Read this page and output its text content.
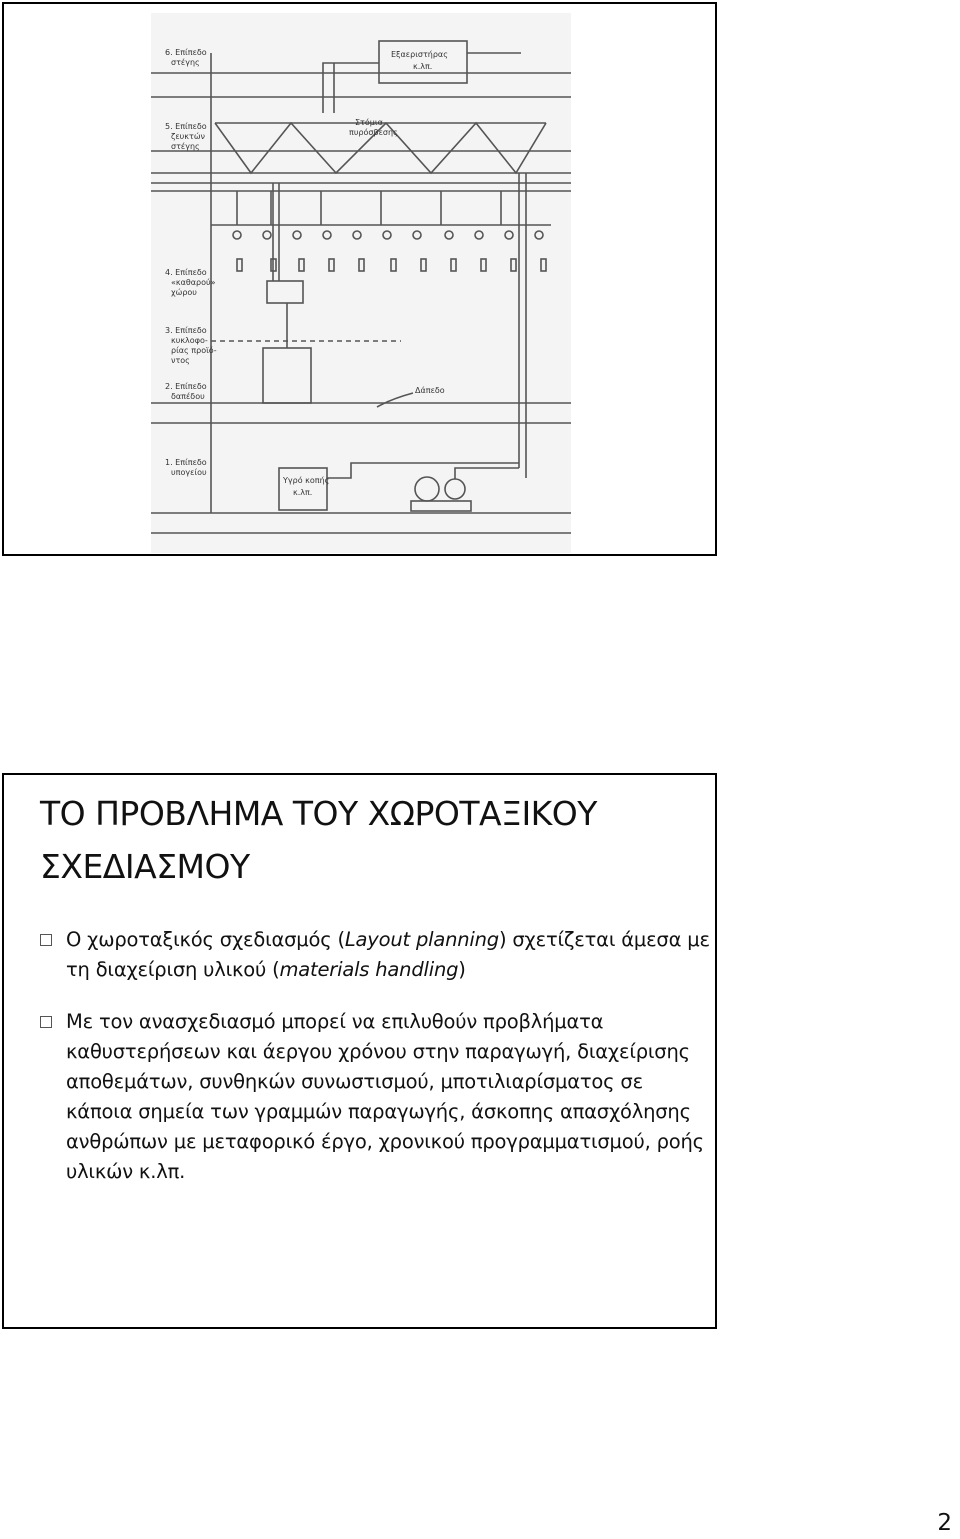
6. Επίπεδο
στέγης
5. Επίπεδο
ζευκτών
στέγης
4. Επίπεδο
«καθαρού»
χώρου
3. Επίπεδο
κυκλοφο-
ρίας προϊό-
ντος
2. Επίπεδο
δαπέδου
1. Επίπεδο
υπογείου
Εξαεριστήρας
κ.λπ.
Στόμια
πυρόσβεσης
Δάπεδο
Υγρό κοπής
κ.λπ.
ΤΟ ΠΡΟΒΛΗΜΑ ΤΟΥ ΧΩΡΟΤΑΞΙΚΟΥ
ΣΧΕΔΙΑΣΜΟΥ
Ο χωροταξικός σχεδιασμός (Layout planning) σχετίζεται άμεσα με τη διαχείριση υλικού (materials handling)
Με τον ανασχεδιασμό μπορεί να επιλυθούν προβλήματα καθυστερήσεων και άεργου χρόνου στην παραγωγή, διαχείρισης αποθεμάτων, συνθηκών συνωστισμού, μποτιλιαρίσματος σε κάποια σημεία των γραμμών παραγωγής, άσκοπης απασχόλησης ανθρώπων με μεταφορικό έργο, χρονικού προγραμματισμού, ροής υλικών κ.λπ.
2
